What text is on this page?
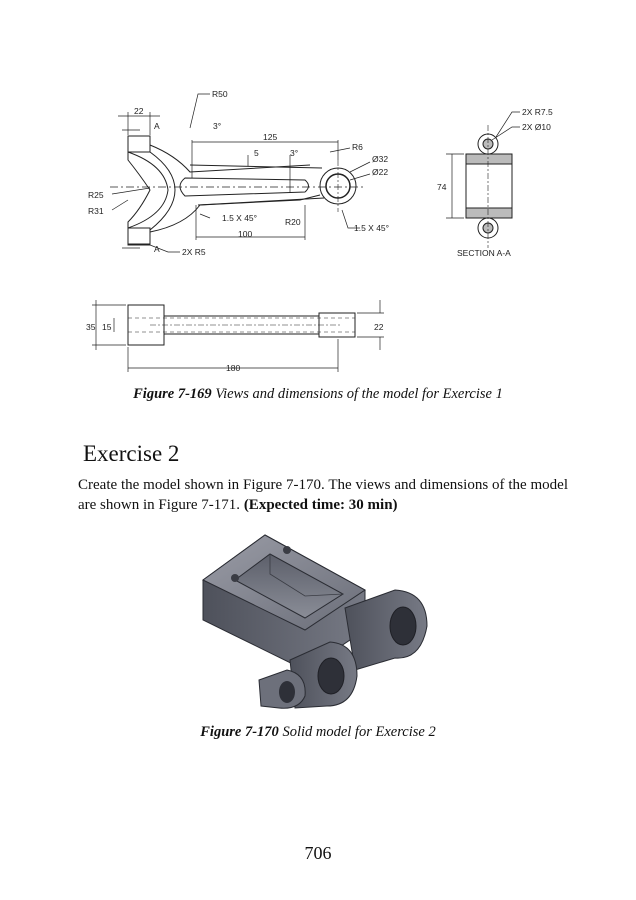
R50
22
A	3°
125
5	3°
R6
Ø32
Ø22
R25
R31
1.5 X 45°	R20
100
1.5 X 45°
A	2X R5
2X R7.5
2X Ø10
74
SECTION A-A
35 15	22
180
Figure 7-169 Views and dimensions of the model for Exercise 1
Exercise 2
Create the model shown in Figure 7-170. The views and dimensions of the model are shown in Figure 7-171. (Expected time: 30 min)
Figure 7-170 Solid model for Exercise 2
706
